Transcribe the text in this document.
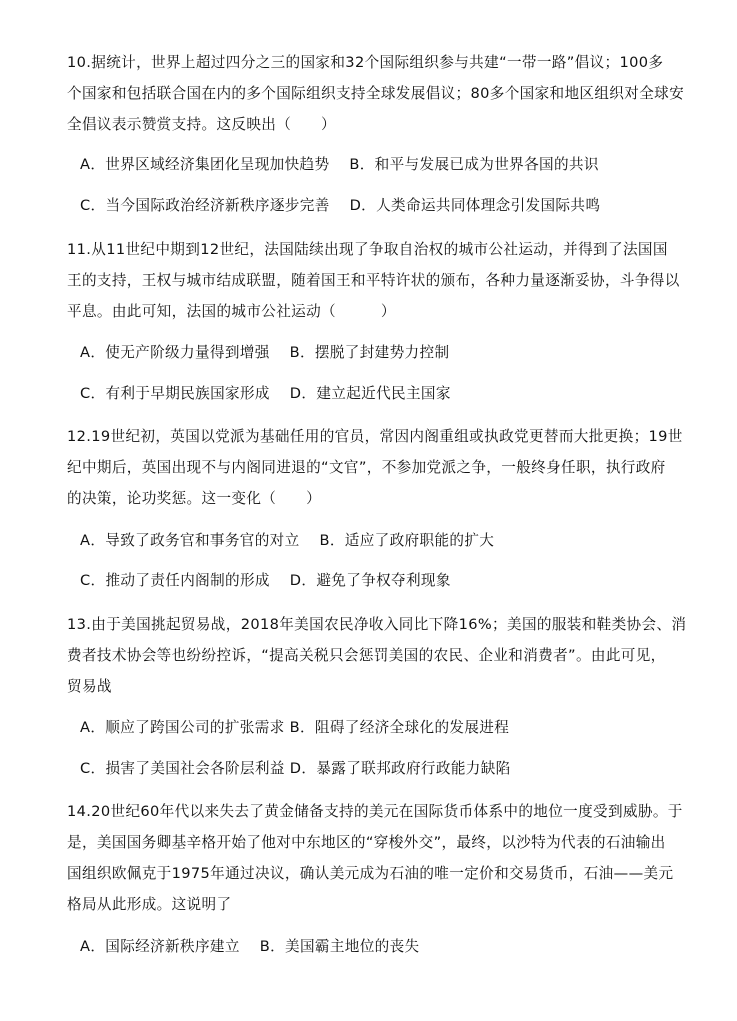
10.据统计，世界上超过四分之三的国家和32个国际组织参与共建“一带一路”倡议；100多
个国家和包括联合国在内的多个国际组织支持全球发展倡议；80多个国家和地区组织对全球安
全倡议表示赞赏支持。这反映出（　　）
A．世界区域经济集团化呈现加快趋势　 B．和平与发展已成为世界各国的共识
C．当今国际政治经济新秩序逐步完善　 D．人类命运共同体理念引发国际共鸣
11.从11世纪中期到12世纪，法国陆续出现了争取自治权的城市公社运动，并得到了法国国
王的支持，王权与城市结成联盟，随着国王和平特许状的颁布，各种力量逐渐妥协，斗争得以
平息。由此可知，法国的城市公社运动（　　　）
A．使无产阶级力量得到增强　 B．摆脱了封建势力控制
C．有利于早期民族国家形成　 D．建立起近代民主国家
12.19世纪初，英国以党派为基础任用的官员，常因内阁重组或执政党更替而大批更换；19世
纪中期后，英国出现不与内阁同进退的“文官”，不参加党派之争，一般终身任职，执行政府
的决策，论功奖惩。这一变化（　　）
A．导致了政务官和事务官的对立　 B．适应了政府职能的扩大
C．推动了责任内阁制的形成　 D．避免了争权夺利现象
13.由于美国挑起贸易战，2018年美国农民净收入同比下降16%；美国的服装和鞋类协会、消
费者技术协会等也纷纷控诉，“提高关税只会惩罚美国的农民、企业和消费者”。由此可见，
贸易战
A．顺应了跨国公司的扩张需求 B．阻碍了经济全球化的发展进程
C．损害了美国社会各阶层利益 D．暴露了联邦政府行政能力缺陷
14.20世纪60年代以来失去了黄金储备支持的美元在国际货币体系中的地位一度受到威胁。于
是，美国国务卿基辛格开始了他对中东地区的“穿梭外交”，最终，以沙特为代表的石油输出
国组织欧佩克于1975年通过决议，确认美元成为石油的唯一定价和交易货币，石油——美元
格局从此形成。这说明了
A．国际经济新秩序建立　 B．美国霸主地位的丧失
